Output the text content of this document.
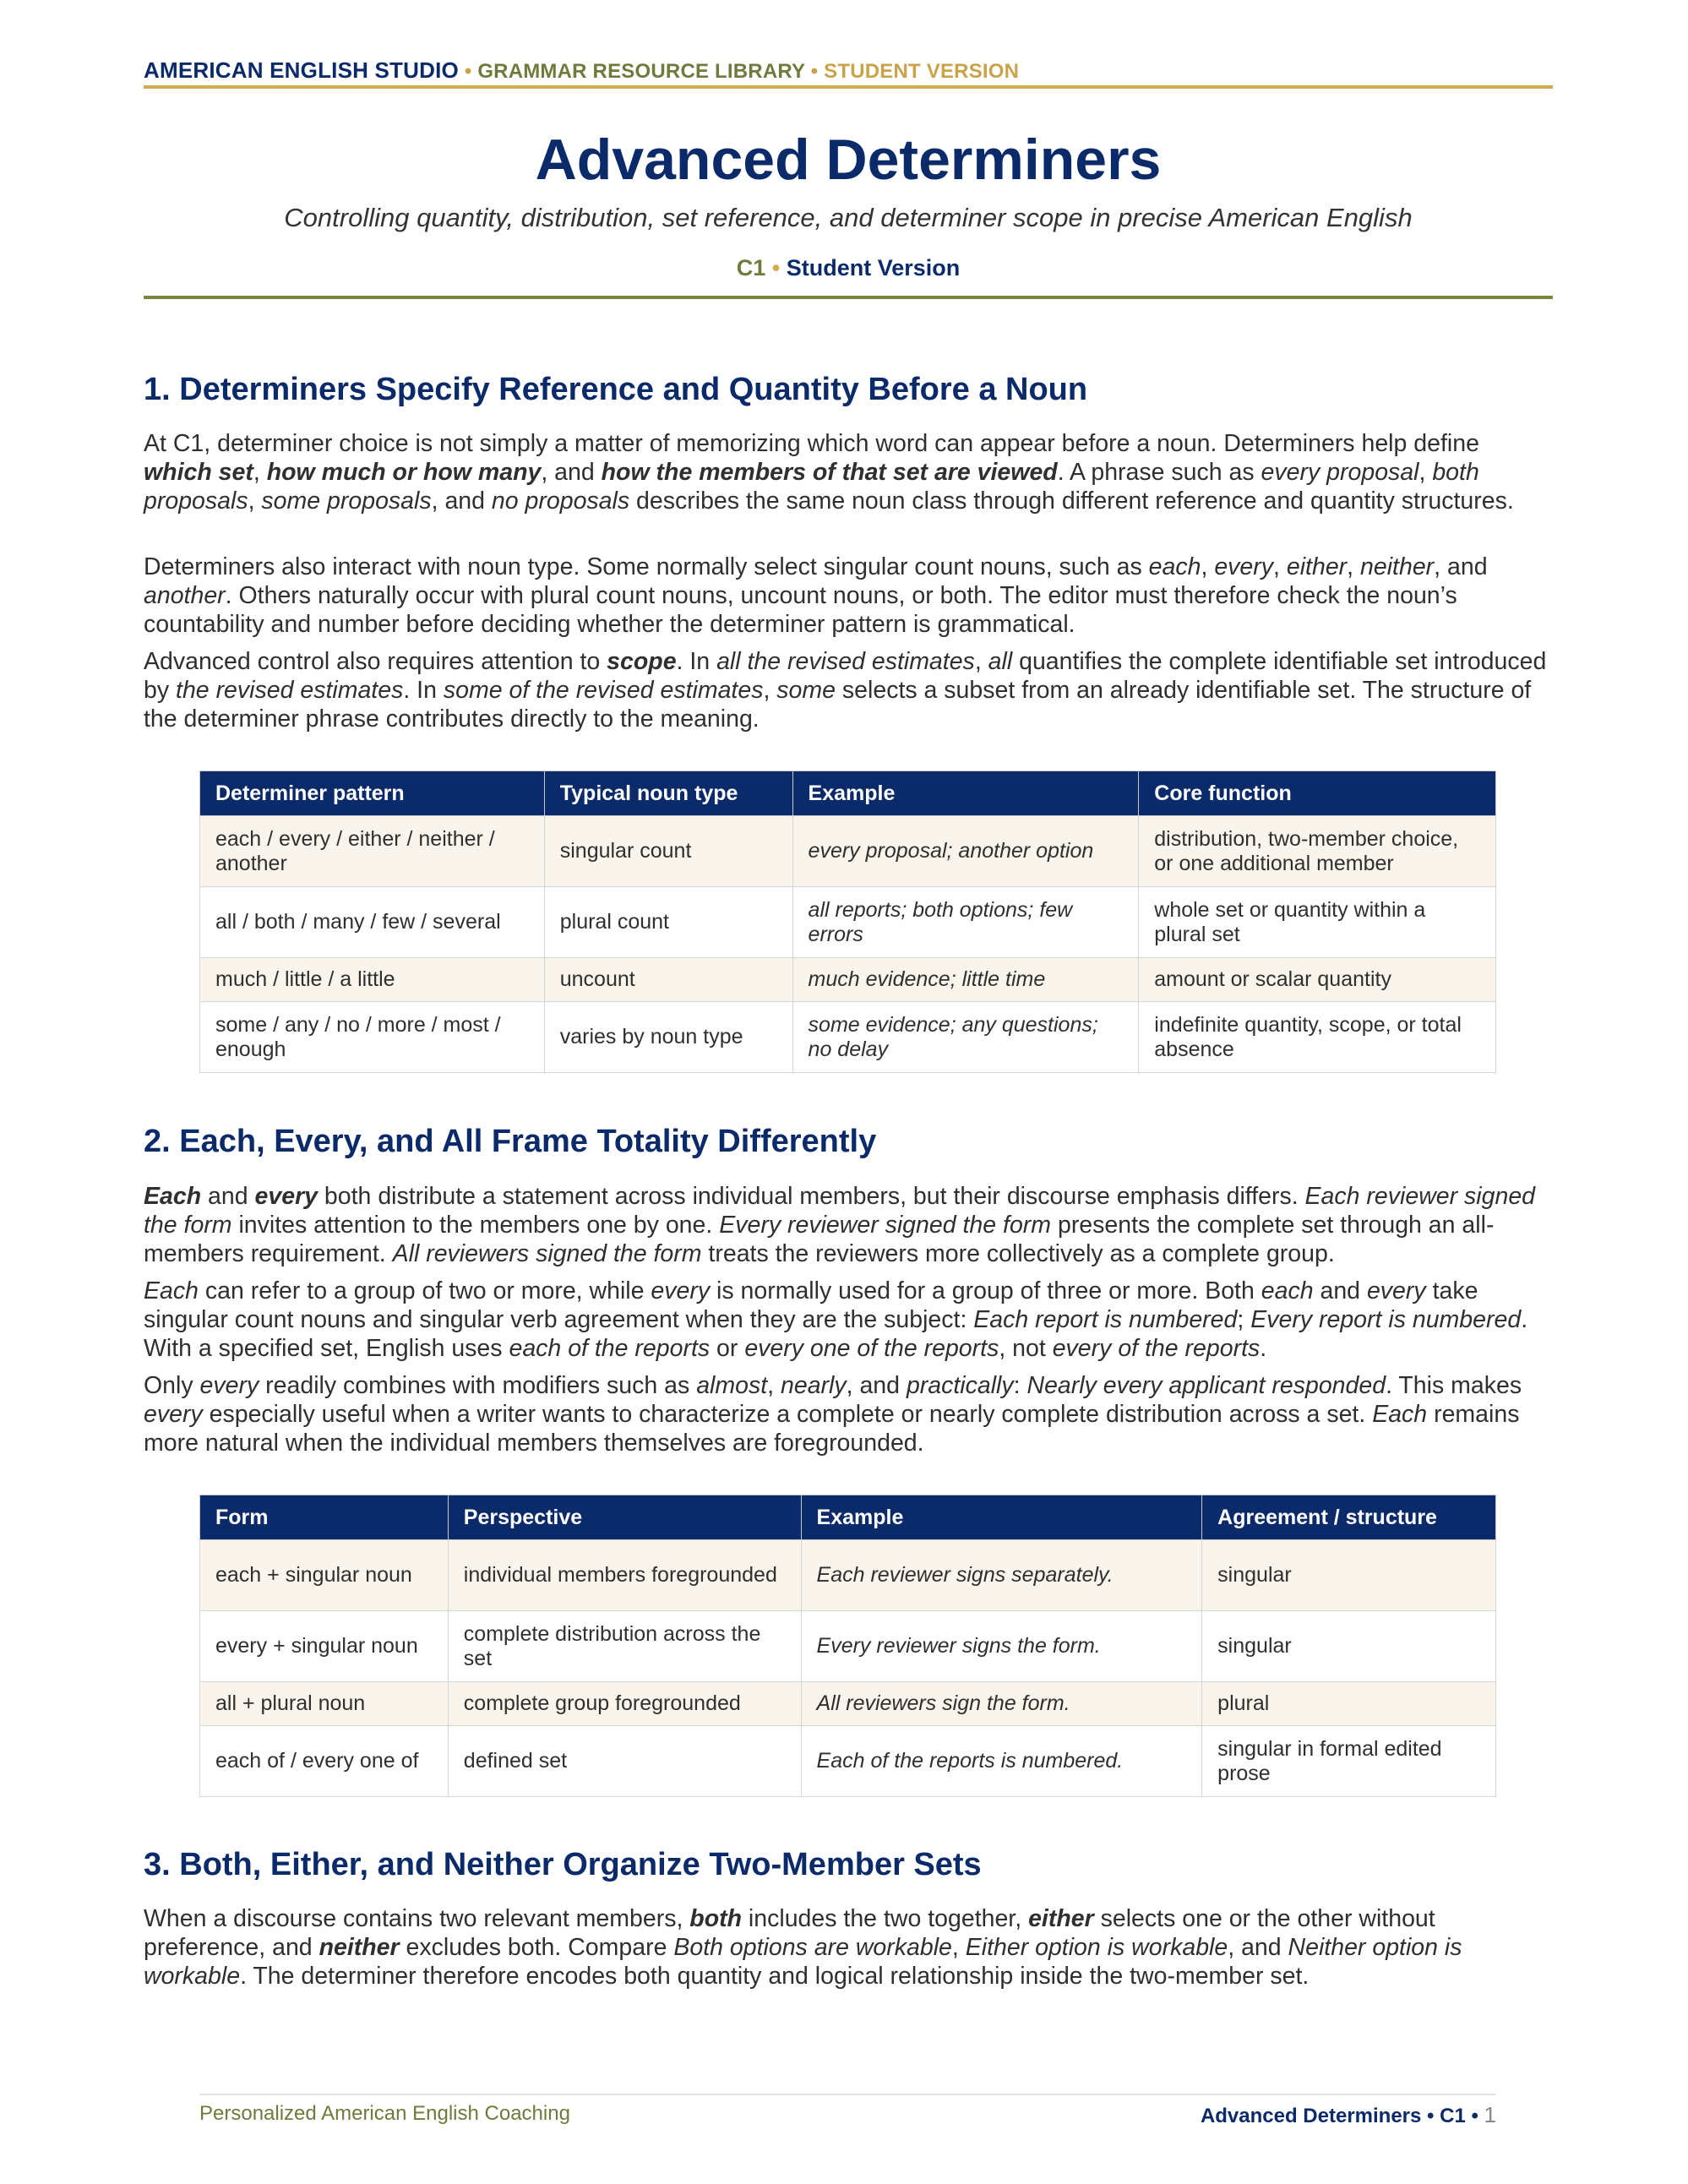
AMERICAN ENGLISH STUDIO • GRAMMAR RESOURCE LIBRARY • STUDENT VERSION
Advanced Determiners
Controlling quantity, distribution, set reference, and determiner scope in precise American English
C1 • Student Version
1. Determiners Specify Reference and Quantity Before a Noun

At C1, determiner choice is not simply a matter of memorizing which word can appear before a noun. Determiners help define which set, how much or how many, and how the members of that set are viewed. A phrase such as every proposal, both proposals, some proposals, and no proposals describes the same noun class through different reference and quantity structures.

Determiners also interact with noun type. Some normally select singular count nouns, such as each, every, either, neither, and another. Others naturally occur with plural count nouns, uncount nouns, or both. The editor must therefore check the noun’s countability and number before deciding whether the determiner pattern is grammatical.

Advanced control also requires attention to scope. In all the revised estimates, all quantifies the complete identifiable set introduced by the revised estimates. In some of the revised estimates, some selects a subset from an already identifiable set. The structure of the determiner phrase contributes directly to the meaning.

Determiner pattern	Typical noun type	Example	Core function
each / every / either / neither / another	singular count	every proposal; another option	distribution, two-member choice, or one additional member
all / both / many / few / several	plural count	all reports; both options; few errors	whole set or quantity within a plural set
much / little / a little	uncount	much evidence; little time	amount or scalar quantity
some / any / no / more / most / enough	varies by noun type	some evidence; any questions; no delay	indefinite quantity, scope, or total absence
2. Each, Every, and All Frame Totality Differently

Each and every both distribute a statement across individual members, but their discourse emphasis differs. Each reviewer signed the form invites attention to the members one by one. Every reviewer signed the form presents the complete set through an all-members requirement. All reviewers signed the form treats the reviewers more collectively as a complete group.

Each can refer to a group of two or more, while every is normally used for a group of three or more. Both each and every take singular count nouns and singular verb agreement when they are the subject: Each report is numbered; Every report is numbered. With a specified set, English uses each of the reports or every one of the reports, not every of the reports.

Only every readily combines with modifiers such as almost, nearly, and practically: Nearly every applicant responded. This makes every especially useful when a writer wants to characterize a complete or nearly complete distribution across a set. Each remains more natural when the individual members themselves are foregrounded.

Form	Perspective	Example	Agreement / structure
each + singular noun	individual members foregrounded	Each reviewer signs separately.	singular
every + singular noun	complete distribution across the set	Every reviewer signs the form.	singular
all + plural noun	complete group foregrounded	All reviewers sign the form.	plural
each of / every one of	defined set	Each of the reports is numbered.	singular in formal edited prose
3. Both, Either, and Neither Organize Two-Member Sets

When a discourse contains two relevant members, both includes the two together, either selects one or the other without preference, and neither excludes both. Compare Both options are workable, Either option is workable, and Neither option is workable. The determiner therefore encodes both quantity and logical relationship inside the two-member set.

Personalized American English Coaching	Advanced Determiners • C1 • 1
